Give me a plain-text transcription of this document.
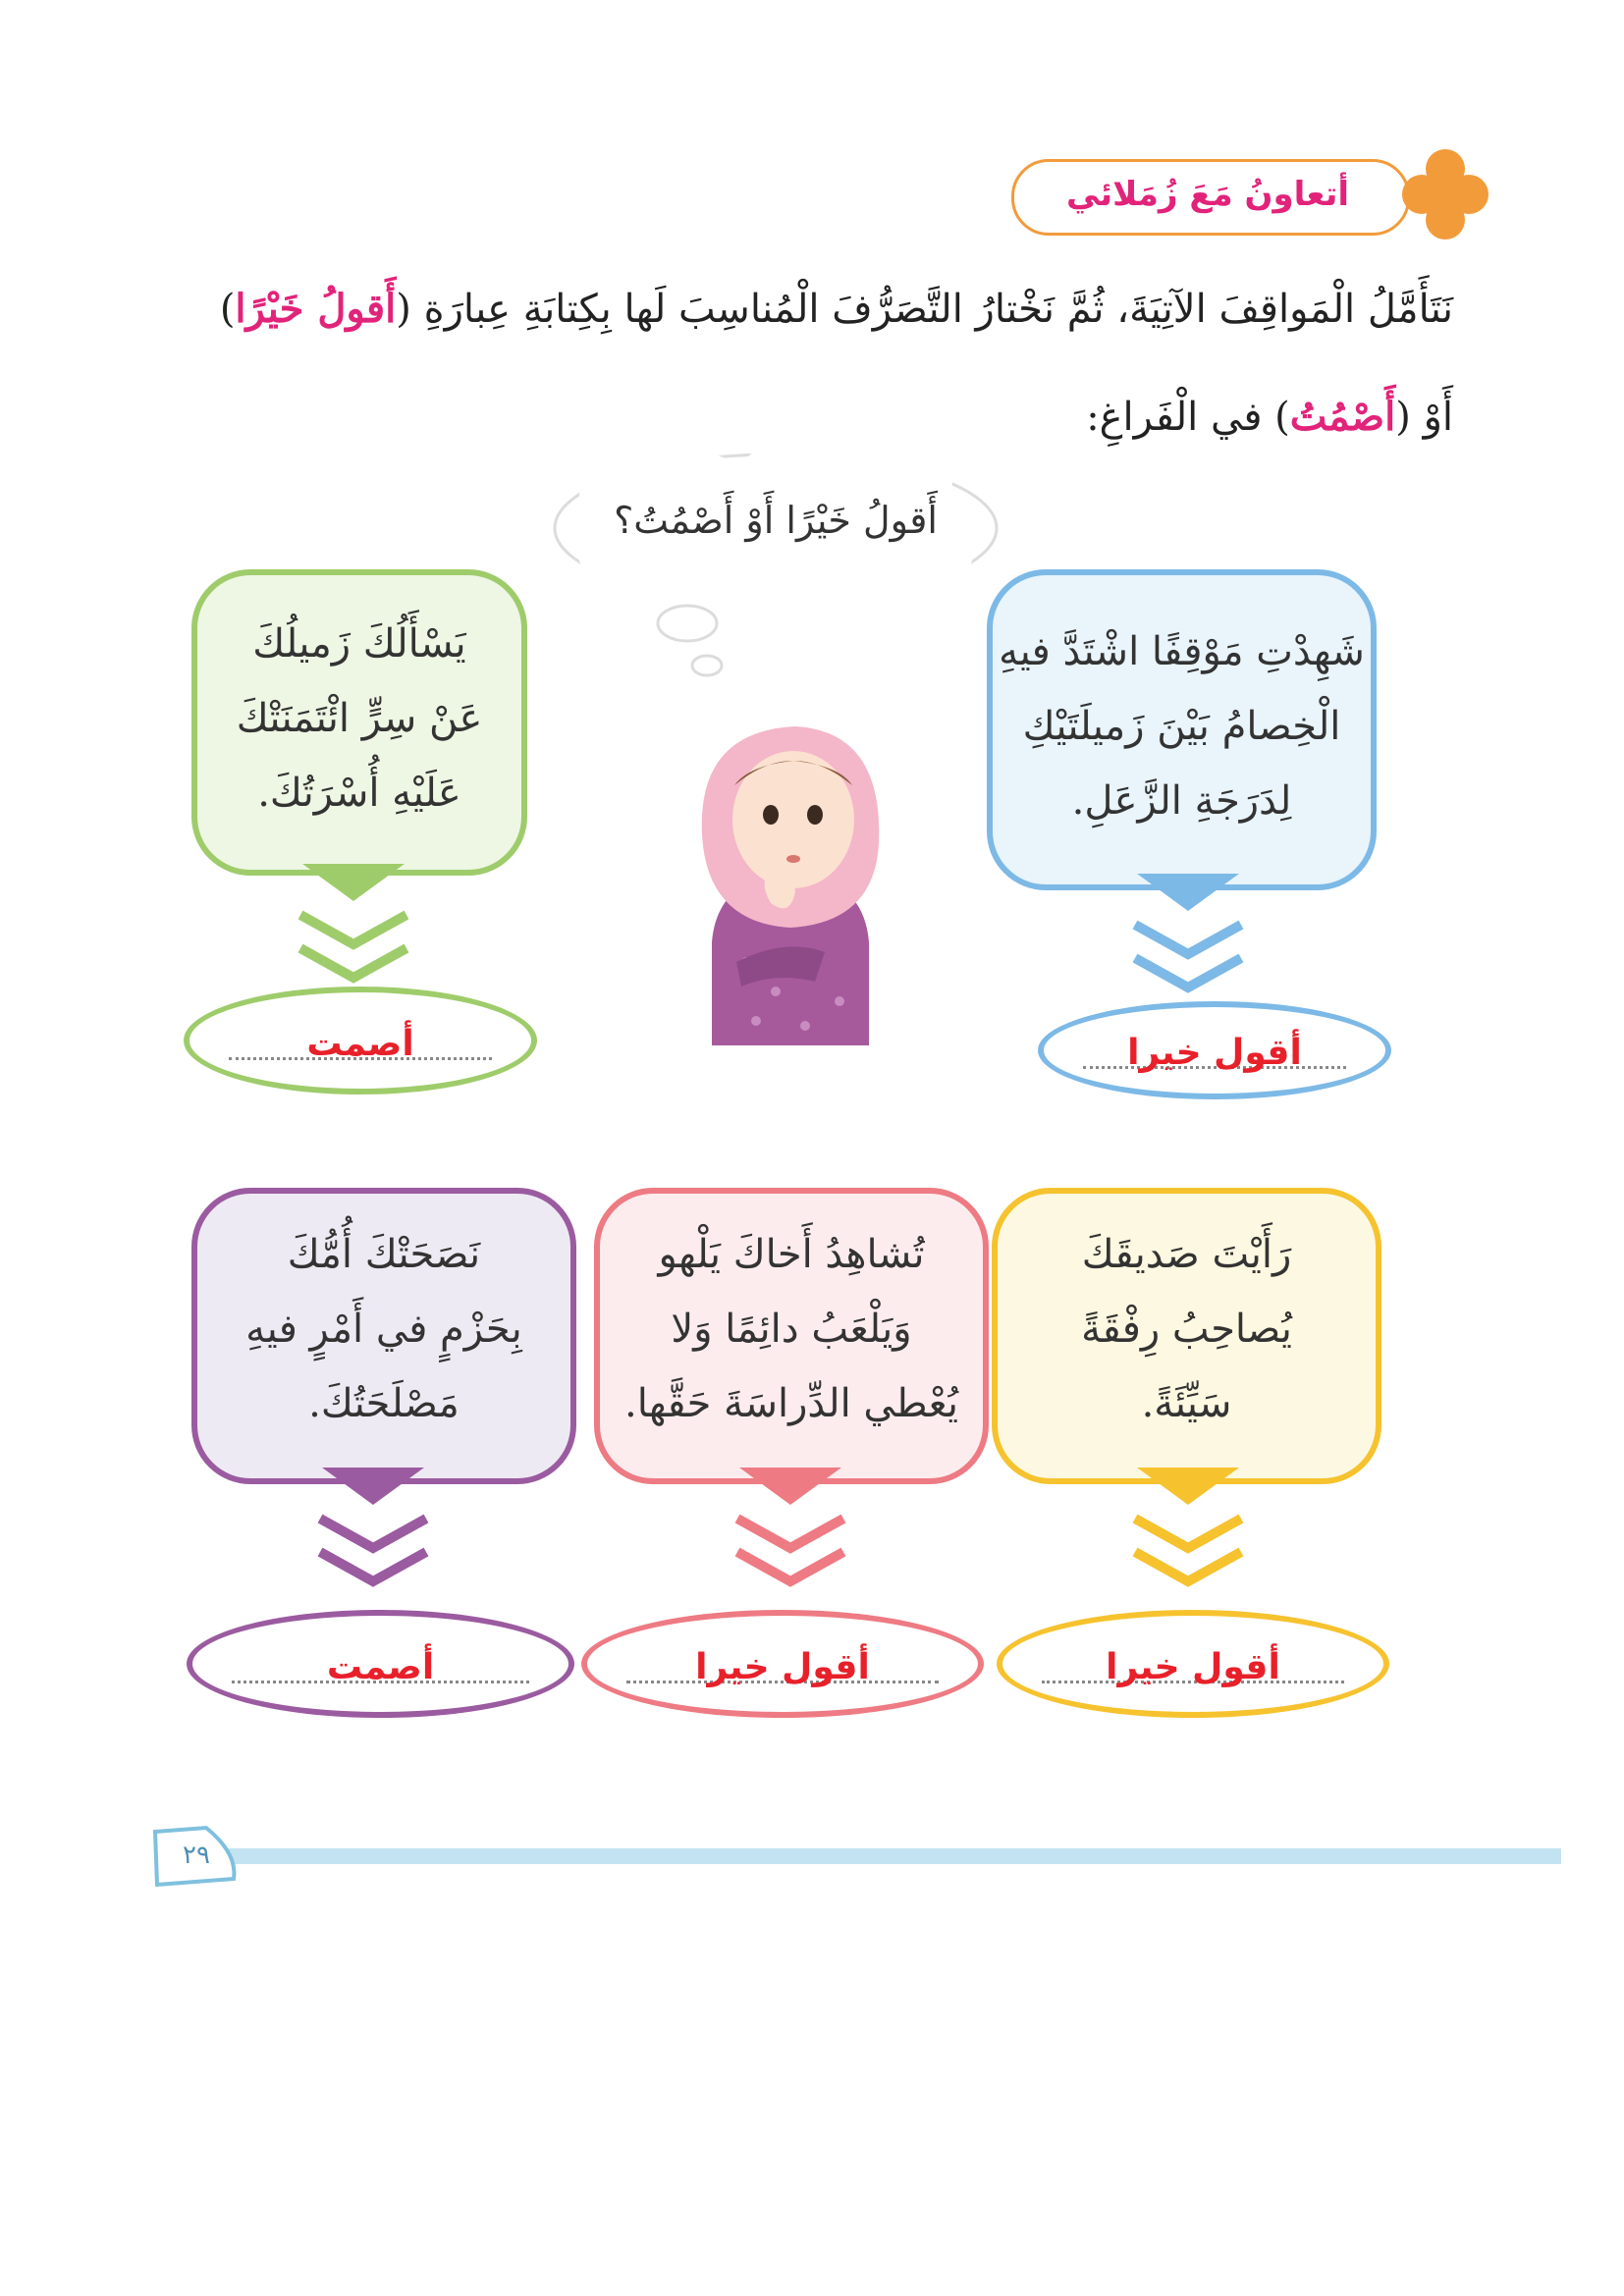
أتعاونُ مَعَ زُمَلائي
نَتَأَمَّلُ الْمَواقِفَ الآتِيَةَ، ثُمَّ نَخْتارُ التَّصَرُّفَ الْمُناسِبَ لَها بِكِتابَةِ عِبارَةِ (أَقولُ خَيْرًا)
أَوْ (أَصْمُتُ) في الْفَراغِ:
أَقولُ خَيْرًا أَوْ أَصْمُتُ؟
شَهِدْتِ مَوْقِفًا اشْتَدَّ فيهِ
الْخِصامُ بَيْنَ زَميلَتَيْكِ
لِدَرَجَةِ الزَّعَلِ.
أقول خيرا
يَسْأَلُكَ زَميلُكَ
عَنْ سِرٍّ ائْتَمَنَتْكَ
عَلَيْهِ أُسْرَتُكَ.
أصمت
رَأَيْتَ صَديقَكَ
يُصاحِبُ رِفْقَةً
سَيِّئَةً.
أقول خيرا
تُشاهِدُ أَخاكَ يَلْهو
وَيَلْعَبُ دائِمًا وَلا
يُعْطي الدِّراسَةَ حَقَّها.
أقول خيرا
نَصَحَتْكَ أُمُّكَ
بِحَزْمٍ في أَمْرٍ فيهِ
مَصْلَحَتُكَ.
أصمت
٢٩
